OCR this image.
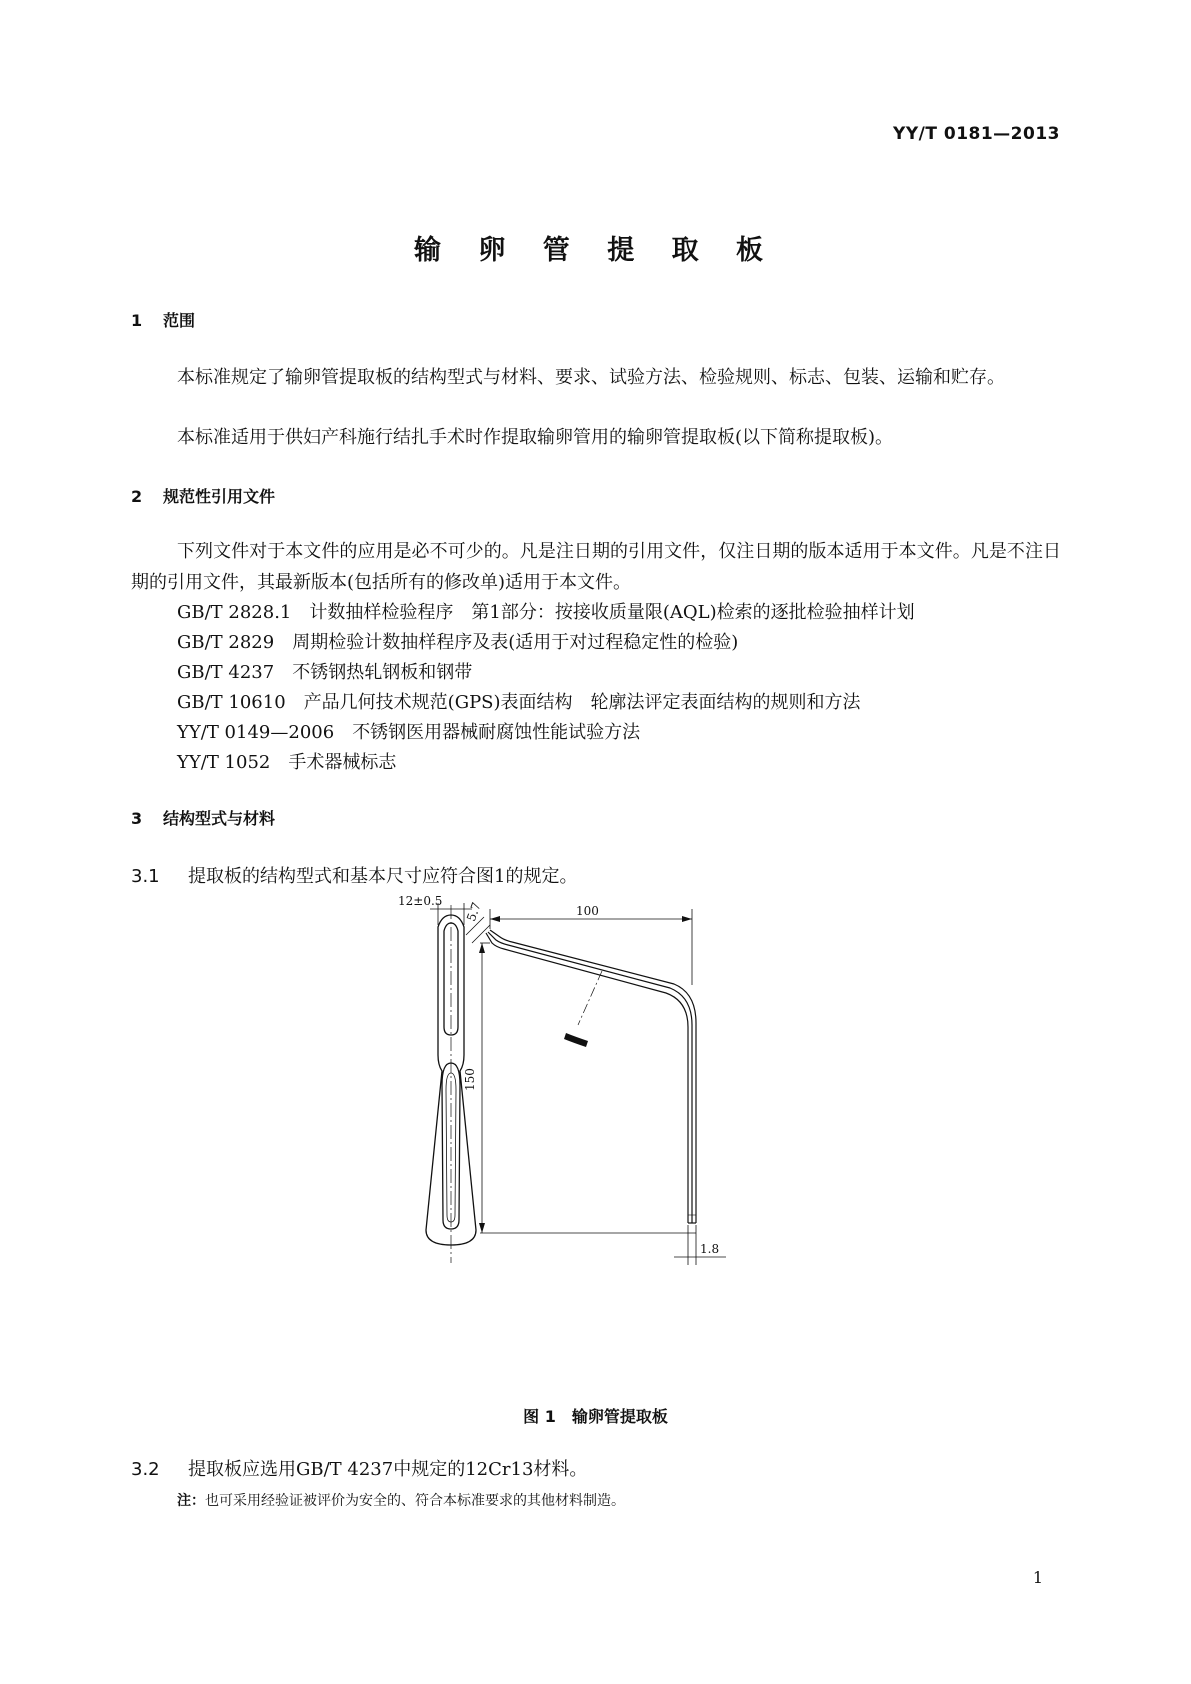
YY/T 0181—2013
输 卵 管 提 取 板
1 范围
本标准规定了输卵管提取板的结构型式与材料、要求、试验方法、检验规则、标志、包装、运输和贮存。
本标准适用于供妇产科施行结扎手术时作提取输卵管用的输卵管提取板(以下简称提取板)。
2 规范性引用文件
下列文件对于本文件的应用是必不可少的。凡是注日期的引用文件，仅注日期的版本适用于本文件。凡是不注日期的引用文件，其最新版本(包括所有的修改单)适用于本文件。
GB/T 2828.1 计数抽样检验程序　第1部分：按接收质量限(AQL)检索的逐批检验抽样计划
GB/T 2829 周期检验计数抽样程序及表(适用于对过程稳定性的检验)
GB/T 4237 不锈钢热轧钢板和钢带
GB/T 10610 产品几何技术规范(GPS)表面结构　轮廓法评定表面结构的规则和方法
YY/T 0149—2006 不锈钢医用器械耐腐蚀性能试验方法
YY/T 1052 手术器械标志
3 结构型式与材料
3.1 提取板的结构型式和基本尺寸应符合图1的规定。
12±0.5
100
5.7
150
1.8
图 1　输卵管提取板
3.2 提取板应选用GB/T 4237中规定的12Cr13材料。
注：也可采用经验证被评价为安全的、符合本标准要求的其他材料制造。
1
